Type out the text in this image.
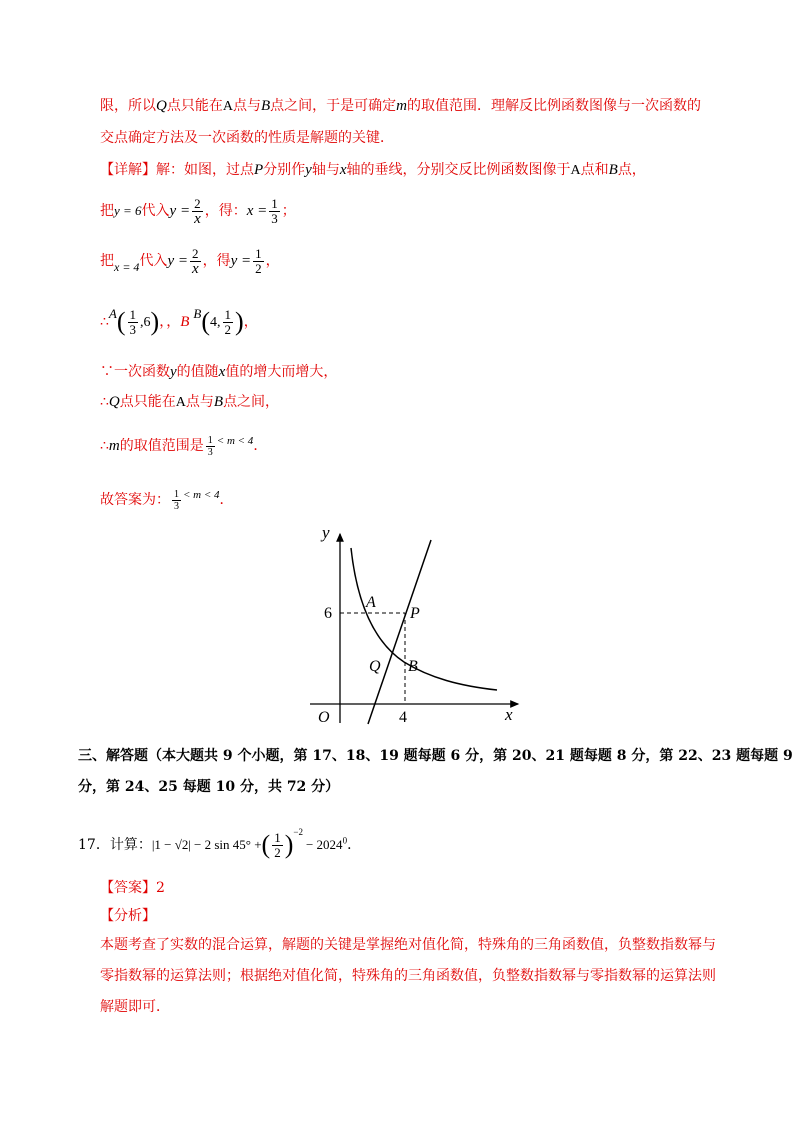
限，所以Q点只能在A点与B点之间，于是可确定m的取值范围．理解反比例函数图像与一次函数的
交点确定方法及一次函数的性质是解题的关键．
【详解】解：如图，过点P分别作y轴与x轴的垂线，分别交反比例函数图像于A点和B点，
把y = 6代入$y = \frac{2}{x}$ ，得：$x = \frac{1}{3}$ ；
把x = 4代入$y = \frac{2}{x}$ ，得$y = \frac{1}{2}$ ，
∴A( $\frac{1}{3} ,6$)，，BB(4, $\frac{1}{2}$ )，
∵一次函数y的值随x值的增大而增大，
∴Q点只能在A点与B点之间，
∴m的取值范围是 $\frac{1}{3} ^{< m < 4}$．
故答案为： $\frac{1}{3} ^{< m < 4}$．
y
x
O
6
4
A
P
Q B
三、解答题（本大题共 9 个小题，第 17、18、19 题每题 6 分，第 20、21 题每题 8 分，第 22、23 题每题 9
分，第 24、25 每题 10 分，共 72 分）
17．计算：|1 − √2| − 2 sin 45° +( $\frac{1}{2} )^{-2}- 2024^0$．
【答案】2
【分析】
本题考查了实数的混合运算，解题的关键是掌握绝对值化简，特殊角的三角函数值，负整数指数幂与
零指数幂的运算法则；根据绝对值化简，特殊角的三角函数值，负整数指数幂与零指数幂的运算法则
解题即可．
